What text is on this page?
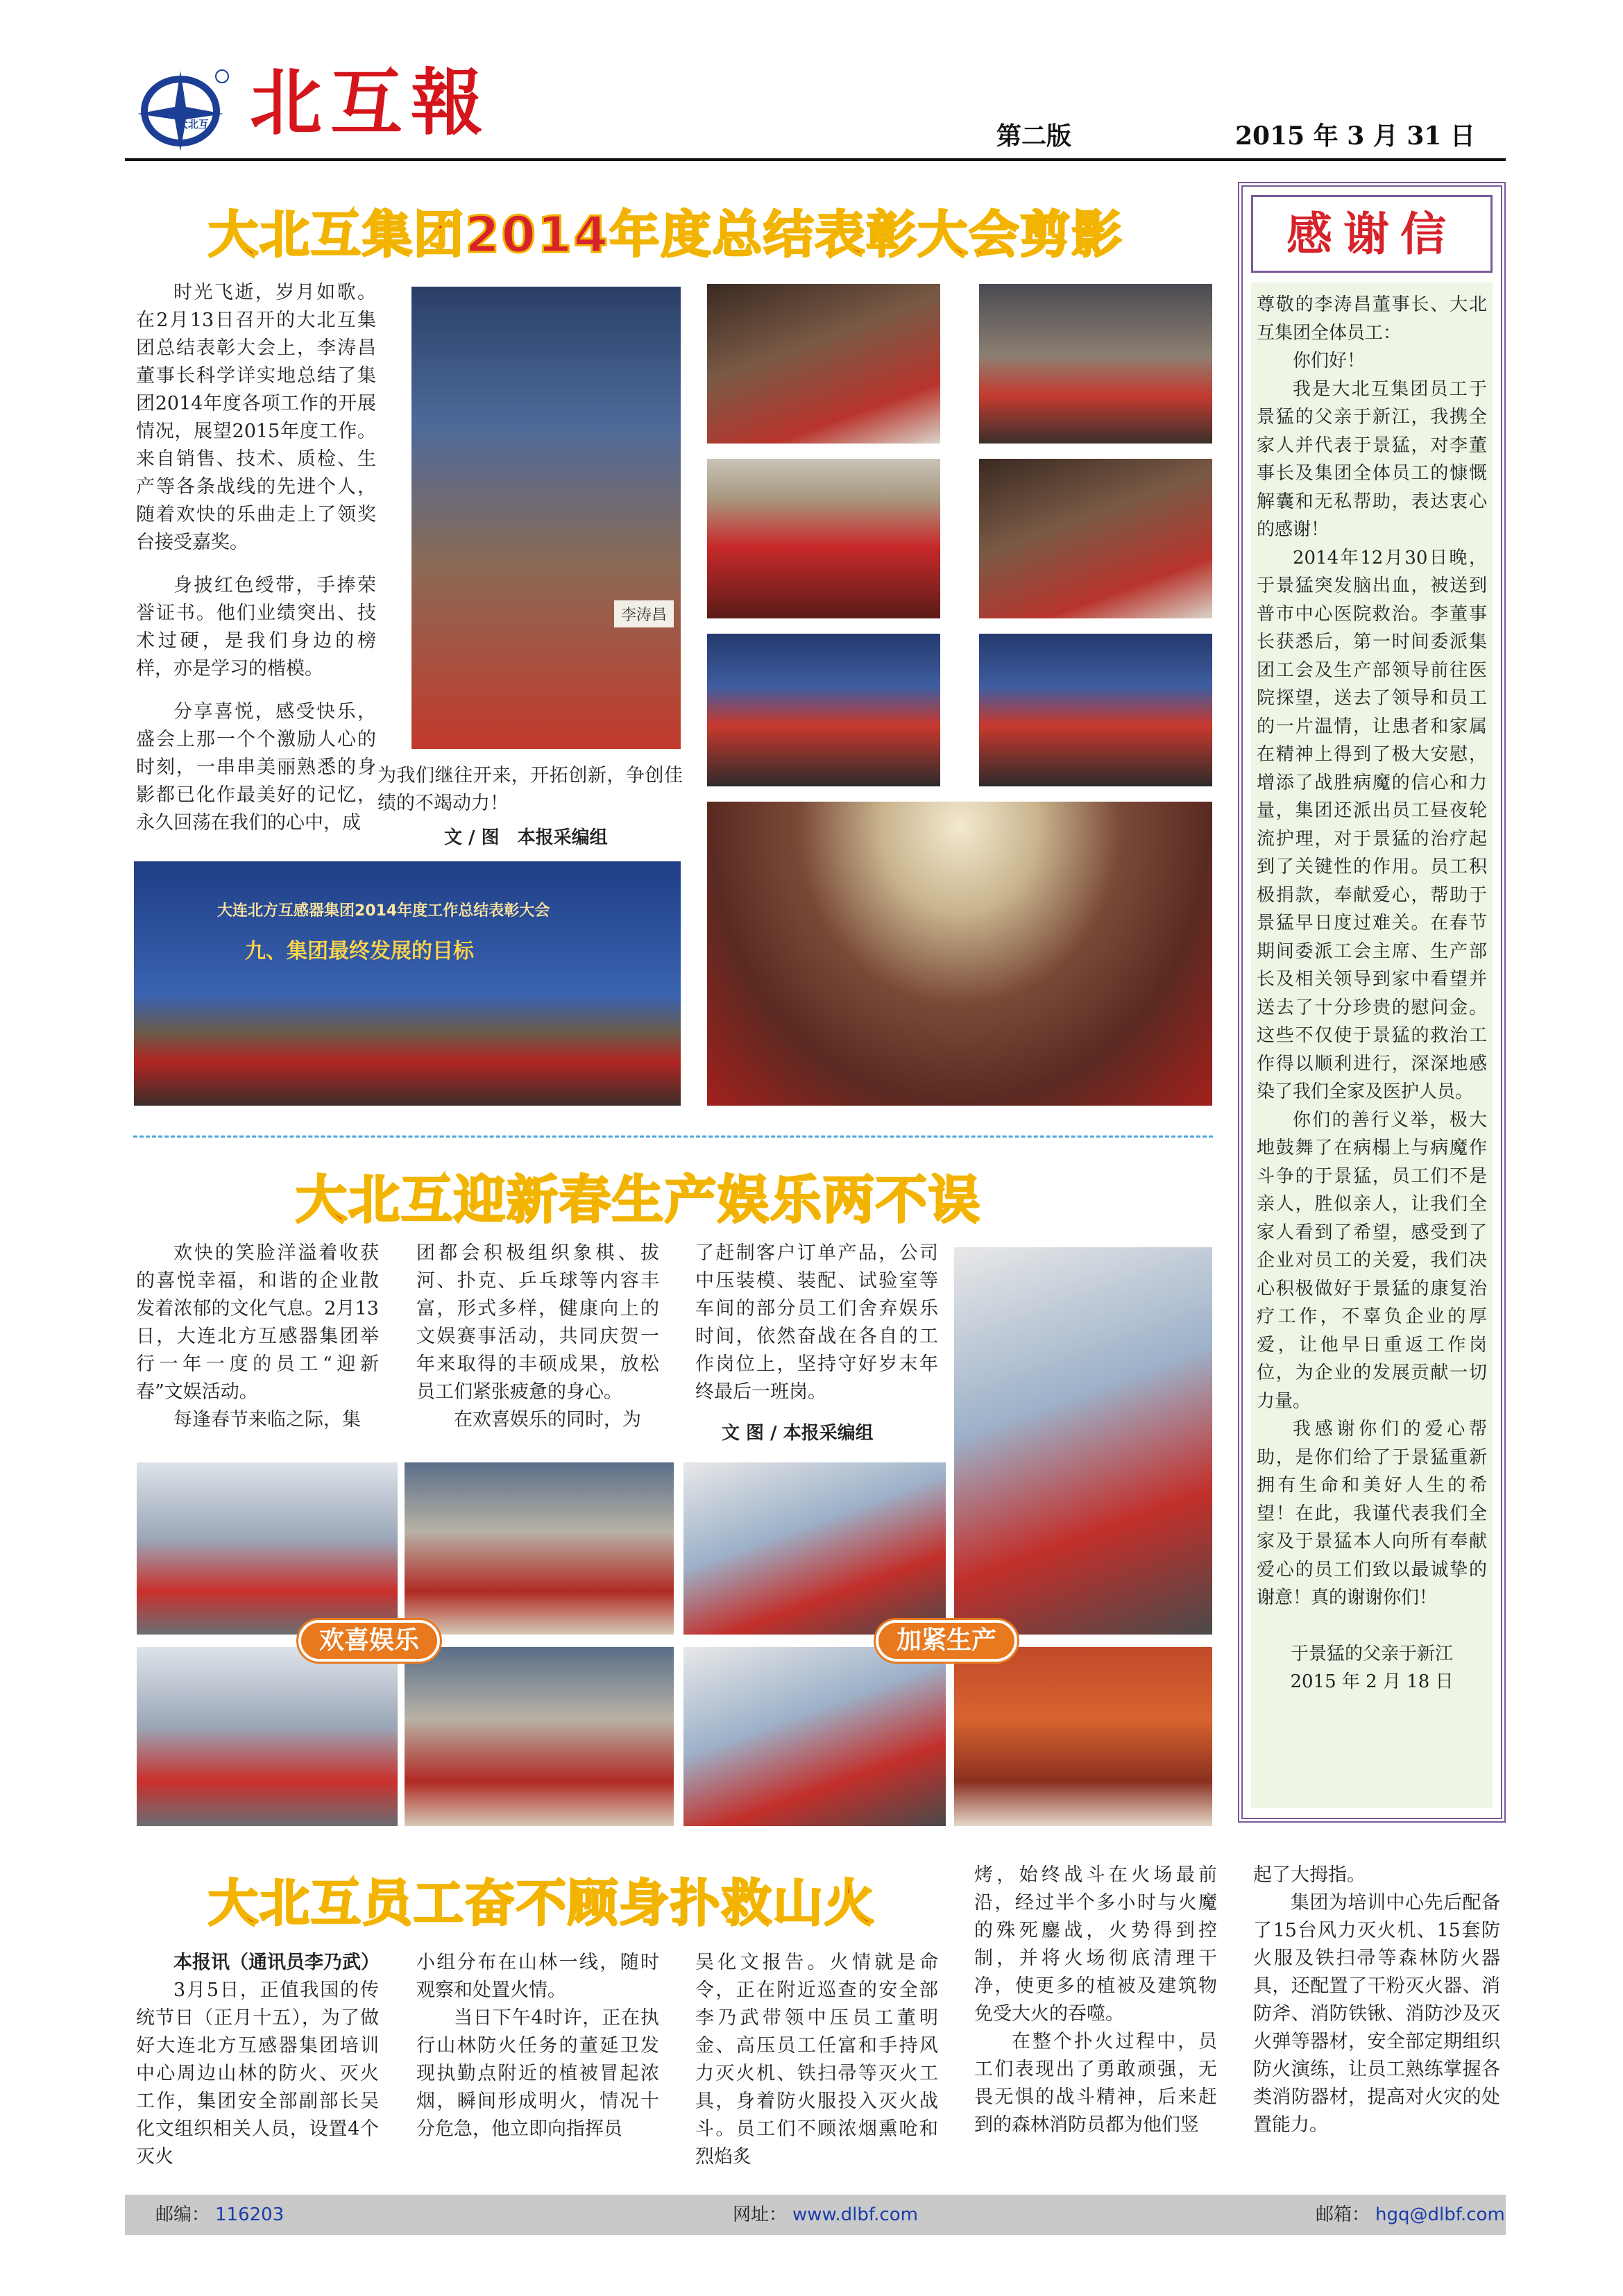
大北互 北互報	第二版	2015 年 3 月 31 日
大北互集团2014年度总结表彰大会剪影

时光飞逝，岁月如歌。在2月13日召开的大北互集团总结表彰大会上，李涛昌董事长科学详实地总结了集团2014年度各项工作的开展情况，展望2015年度工作。来自销售、技术、质检、生产等各条战线的先进个人，随着欢快的乐曲走上了领奖台接受嘉奖。

身披红色绶带，手捧荣誉证书。他们业绩突出、技术过硬，是我们身边的榜样，亦是学习的楷模。

分享喜悦，感受快乐，盛会上那一个个激励人心的时刻，一串串美丽熟悉的身影都已化作最美好的记忆，永久回荡在我们的心中，成

李涛昌
为我们继往开来，开拓创新，争创佳绩的不竭动力！
文 / 图　本报采编组
大连北方互感器集团2014年度工作总结表彰大会
九、集团最终发展的目标
大北互迎新春生产娱乐两不误

欢快的笑脸洋溢着收获的喜悦幸福，和谐的企业散发着浓郁的文化气息。2月13日，大连北方互感器集团举行一年一度的员工“迎新春”文娱活动。

每逢春节来临之际，集

团都会积极组织象棋、拔河、扑克、乒乓球等内容丰富，形式多样，健康向上的文娱赛事活动，共同庆贺一年来取得的丰硕成果，放松员工们紧张疲惫的身心。

在欢喜娱乐的同时，为

了赶制客户订单产品，公司中压装模、装配、试验室等车间的部分员工们舍弃娱乐时间，依然奋战在各自的工作岗位上，坚持守好岁末年终最后一班岗。

文 图 / 本报采编组
欢喜娱乐	加紧生产
大北互员工奋不顾身扑救山火
本报讯（通讯员李乃武）

3月5日，正值我国的传统节日（正月十五），为了做好大连北方互感器集团培训中心周边山林的防火、灭火工作，集团安全部副部长吴化文组织相关人员，设置4个灭火

小组分布在山林一线，随时观察和处置火情。

当日下午4时许，正在执行山林防火任务的董延卫发现执勤点附近的植被冒起浓烟，瞬间形成明火，情况十分危急，他立即向指挥员

吴化文报告。火情就是命令，正在附近巡查的安全部李乃武带领中压员工董明金、高压员工任富和手持风力灭火机、铁扫帚等灭火工具，身着防火服投入灭火战斗。员工们不顾浓烟熏呛和烈焰炙

烤，始终战斗在火场最前沿，经过半个多小时与火魔的殊死鏖战，火势得到控制，并将火场彻底清理干净，使更多的植被及建筑物免受大火的吞噬。

在整个扑火过程中，员工们表现出了勇敢顽强，无畏无惧的战斗精神，后来赶到的森林消防员都为他们竖

起了大拇指。

集团为培训中心先后配备了15台风力灭火机、15套防火服及铁扫帚等森林防火器具，还配置了干粉灭火器、消防斧、消防铁锹、消防沙及灭火弹等器材，安全部定期组织防火演练，让员工熟练掌握各类消防器材，提高对火灾的处置能力。

感谢信
尊敬的李涛昌董事长、大北互集团全体员工：
你们好！
我是大北互集团员工于景猛的父亲于新江，我携全家人并代表于景猛，对李董事长及集团全体员工的慷慨解囊和无私帮助，表达衷心的感谢！
2014年12月30日晚，于景猛突发脑出血，被送到普市中心医院救治。李董事长获悉后，第一时间委派集团工会及生产部领导前往医院探望，送去了领导和员工的一片温情，让患者和家属在精神上得到了极大安慰，增添了战胜病魔的信心和力量，集团还派出员工昼夜轮流护理，对于景猛的治疗起到了关键性的作用。员工积极捐款，奉献爱心，帮助于景猛早日度过难关。在春节期间委派工会主席、生产部长及相关领导到家中看望并送去了十分珍贵的慰问金。这些不仅使于景猛的救治工作得以顺利进行，深深地感染了我们全家及医护人员。
你们的善行义举，极大地鼓舞了在病榻上与病魔作斗争的于景猛，员工们不是亲人，胜似亲人，让我们全家人看到了希望，感受到了企业对员工的关爱，我们决心积极做好于景猛的康复治疗工作，不辜负企业的厚爱，让他早日重返工作岗位，为企业的发展贡献一切力量。
我感谢你们的爱心帮助，是你们给了于景猛重新拥有生命和美好人生的希望！在此，我谨代表我们全家及于景猛本人向所有奉献爱心的员工们致以最诚挚的谢意！真的谢谢你们！
于景猛的父亲于新江
2015 年 2 月 18 日
邮编： 116203	网址： www.dlbf.com	邮箱： hgq@dlbf.com
